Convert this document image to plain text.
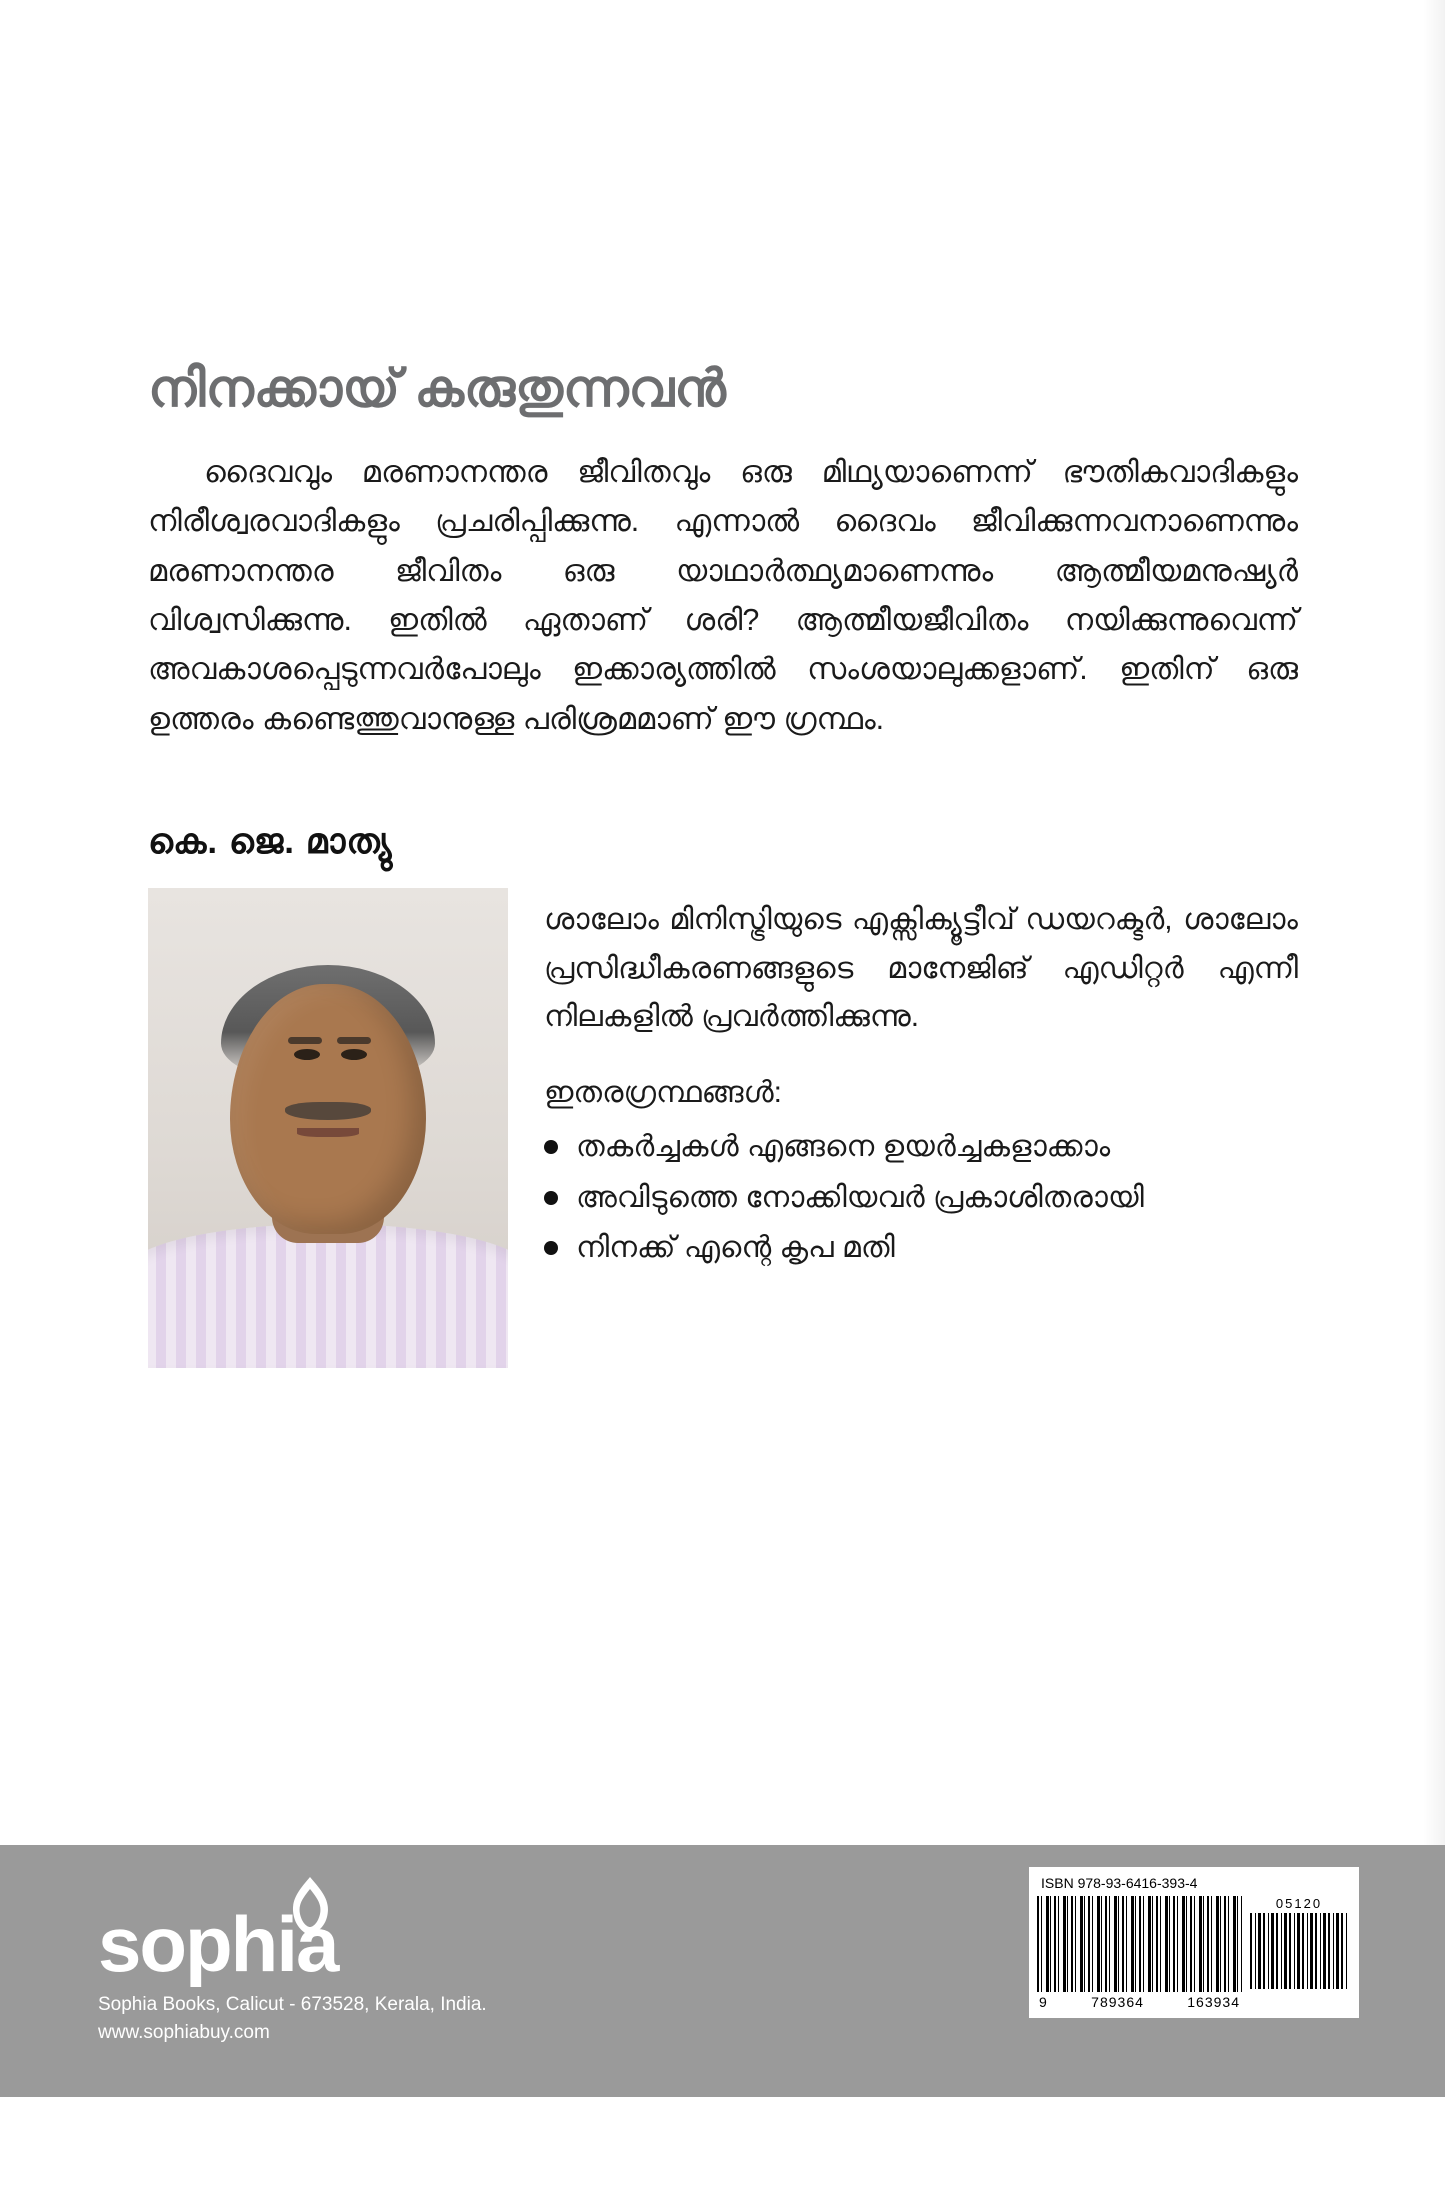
നിനക്കായ് കരുതുന്നവൻ

ദൈവവും മരണാനന്തര ജീവിതവും ഒരു മിഥ്യയാണെന്ന് ഭൗതികവാദികളും നിരീശ്വരവാദികളും പ്രചരിപ്പിക്കുന്നു. എന്നാൽ ദൈവം ജീവിക്കുന്നവനാണെന്നും മരണാനന്തര ജീവിതം ഒരു യാഥാർത്ഥ്യമാണെന്നും ആത്മീയമനുഷ്യർ വിശ്വസിക്കുന്നു. ഇതിൽ ഏതാണ് ശരി? ആത്മീയജീവിതം നയിക്കുന്നുവെന്ന് അവകാശപ്പെടുന്നവർപോലും ഇക്കാര്യത്തിൽ സംശയാലുക്കളാണ്. ഇതിന് ഒരു ഉത്തരം കണ്ടെത്തുവാനുള്ള പരിശ്രമമാണ് ഈ ഗ്രന്ഥം.

കെ. ജെ. മാത്യു

ശാലോം മിനിസ്ട്രിയുടെ എക്സിക്യൂട്ടീവ് ഡയറക്ടർ, ശാലോം പ്രസിദ്ധീകരണങ്ങളുടെ മാനേജിങ് എഡിറ്റർ എന്നീ നിലകളിൽ പ്രവർത്തിക്കുന്നു.

ഇതരഗ്രന്ഥങ്ങൾ:
തകർച്ചകൾ എങ്ങനെ ഉയർച്ചകളാക്കാം
അവിടുത്തെ നോക്കിയവർ പ്രകാശിതരായി
നിനക്ക് എന്റെ കൃപ മതി
sophia
Sophia Books, Calicut - 673528, Kerala, India.
www.sophiabuy.com
ISBN 978-93-6416-393-4
9	789364	163934
05120
